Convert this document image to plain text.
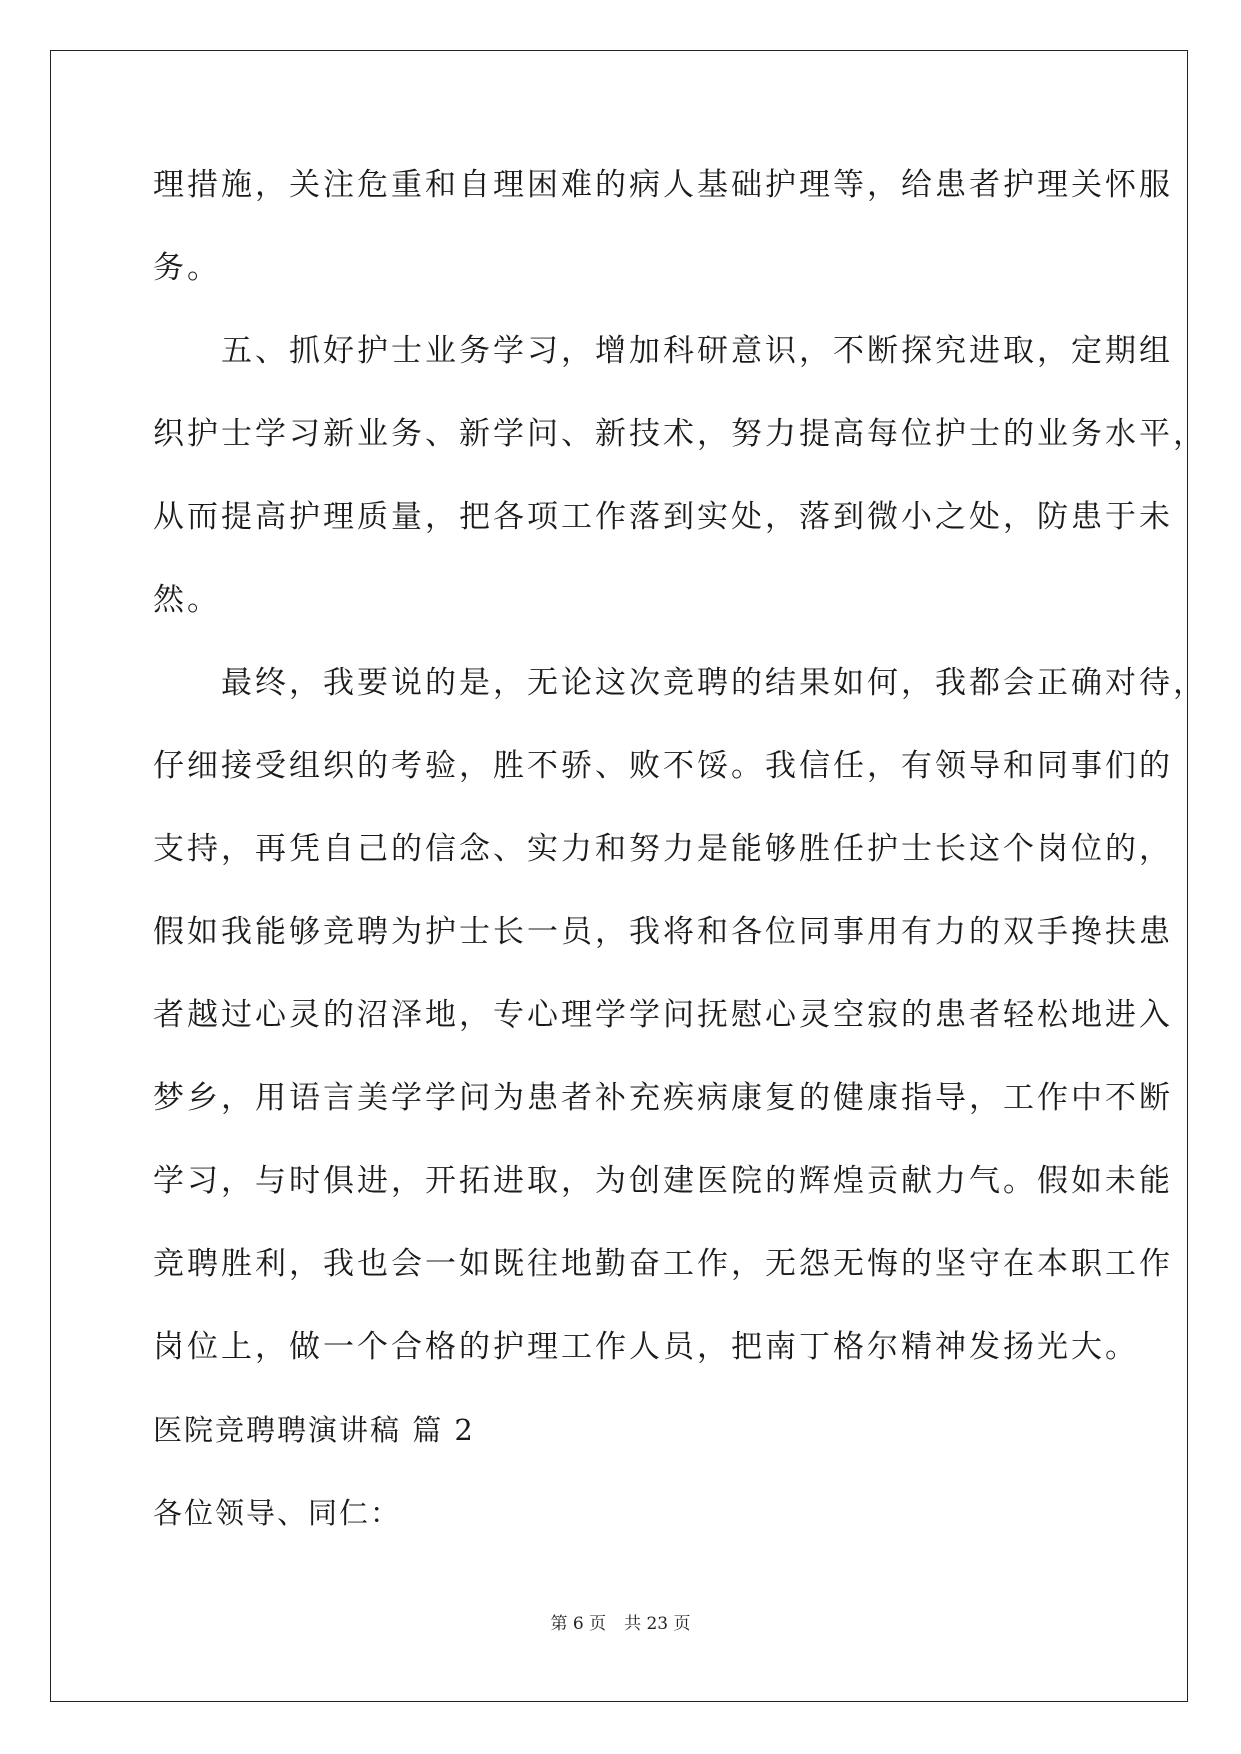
理措施，关注危重和自理困难的病人基础护理等，给患者护理关怀服
务。
　　五、抓好护士业务学习，增加科研意识，不断探究进取，定期组
织护士学习新业务、新学问、新技术，努力提高每位护士的业务水平，
从而提高护理质量，把各项工作落到实处，落到微小之处，防患于未
然。
　　最终，我要说的是，无论这次竞聘的结果如何，我都会正确对待，
仔细接受组织的考验，胜不骄、败不馁。我信任，有领导和同事们的
支持，再凭自己的信念、实力和努力是能够胜任护士长这个岗位的，
假如我能够竞聘为护士长一员，我将和各位同事用有力的双手搀扶患
者越过心灵的沼泽地，专心理学学问抚慰心灵空寂的患者轻松地进入
梦乡，用语言美学学问为患者补充疾病康复的健康指导，工作中不断
学习，与时俱进，开拓进取，为创建医院的辉煌贡献力气。假如未能
竞聘胜利，我也会一如既往地勤奋工作，无怨无悔的坚守在本职工作
岗位上，做一个合格的护理工作人员，把南丁格尔精神发扬光大。
医院竞聘聘演讲稿 篇 2
各位领导、同仁：
第 6 页 共 23 页
